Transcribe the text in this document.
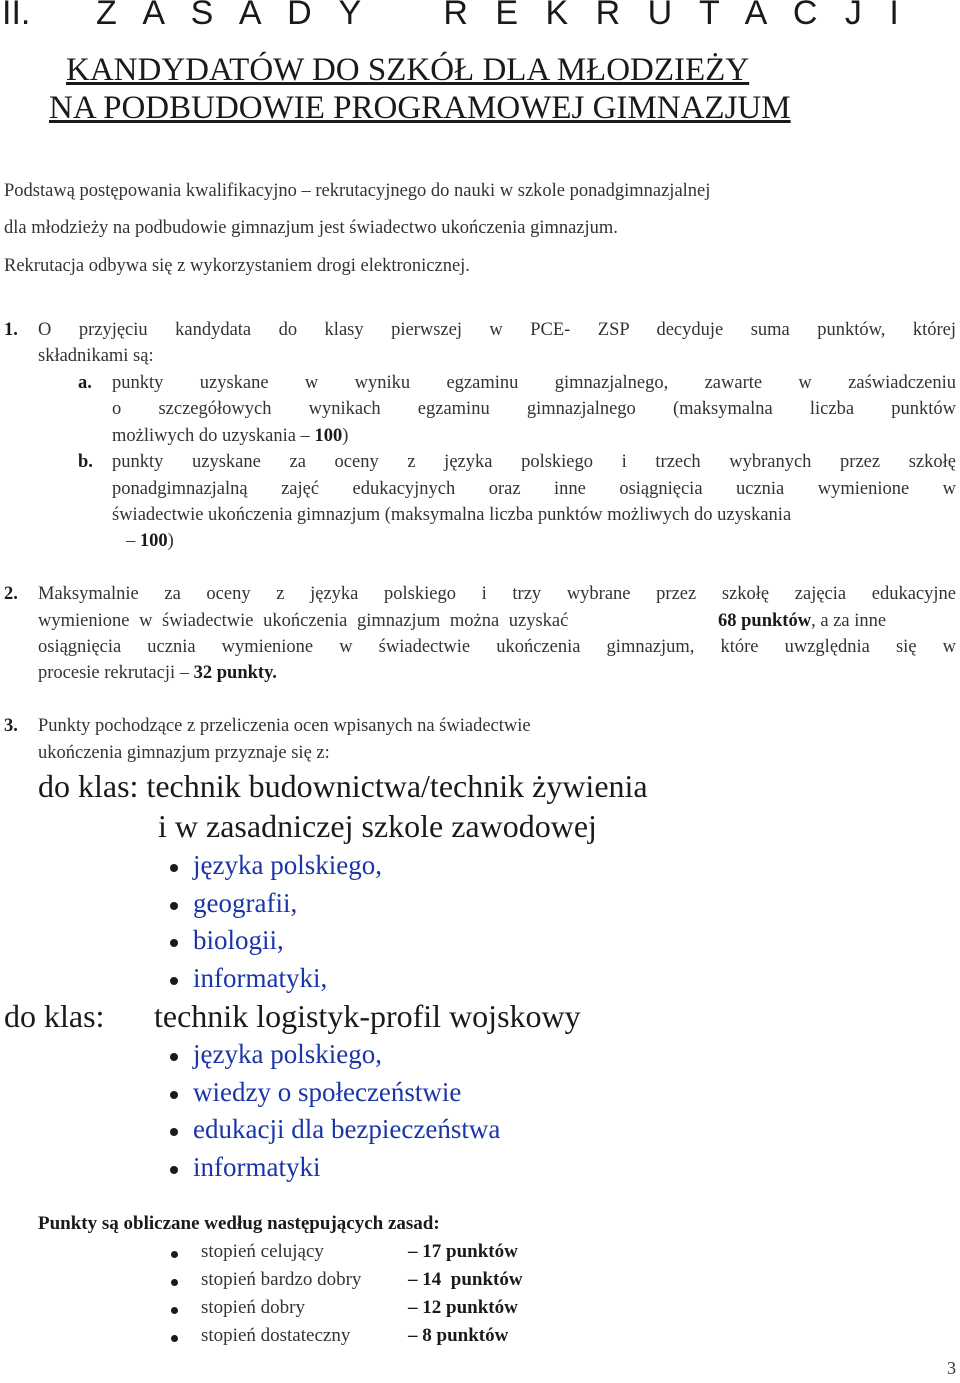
II. Z A S A D Y    R E K R U T A C J I
KANDYDATÓW DO SZKÓŁ DLA MŁODZIEŻY
NA PODBUDOWIE PROGRAMOWEJ GIMNAZJUM
Podstawą postępowania kwalifikacyjno – rekrutacyjnego do nauki w szkole ponadgimnazjalnej
dla młodzieży na podbudowie gimnazjum jest świadectwo ukończenia gimnazjum.
Rekrutacja odbywa się z wykorzystaniem drogi elektronicznej.
1. O przyjęciu kandydata do klasy pierwszej w PCE- ZSP decyduje suma punktów, której
składnikami są:
a. punkty uzyskane w wyniku egzaminu gimnazjalnego, zawarte w zaświadczeniu
o szczegółowych wynikach egzaminu gimnazjalnego (maksymalna liczba punktów
możliwych do uzyskania – 100)
b. punkty uzyskane za oceny z języka polskiego i trzech wybranych przez szkołę
ponadgimnazjalną zajęć edukacyjnych oraz inne osiągnięcia ucznia wymienione w
świadectwie ukończenia gimnazjum (maksymalna liczba punktów możliwych do uzyskania
– 100)
2. Maksymalnie za oceny z języka polskiego i trzy wybrane przez szkołę zajęcia edukacyjne
wymienione w świadectwie ukończenia gimnazjum można uzyskać	68 punktów, a za inne
osiągnięcia ucznia wymienione w świadectwie ukończenia gimnazjum, które uwzględnia się w
procesie rekrutacji – 32 punkty.
3. Punkty pochodzące z przeliczenia ocen wpisanych na świadectwie
ukończenia gimnazjum przyznaje się z:
do klas: technik budownictwa/technik żywienia
i w zasadniczej szkole zawodowej
języka polskiego,
geografii,
biologii,
informatyki,
do klas: technik logistyk-profil wojskowy
języka polskiego,
wiedzy o społeczeństwie
edukacji dla bezpieczeństwa
informatyki
Punkty są obliczane według następujących zasad:
stopień celujący	– 17 punktów
stopień bardzo dobry – 14  punktów
stopień dobry	– 12 punktów
stopień dostateczny	– 8 punktów
3
